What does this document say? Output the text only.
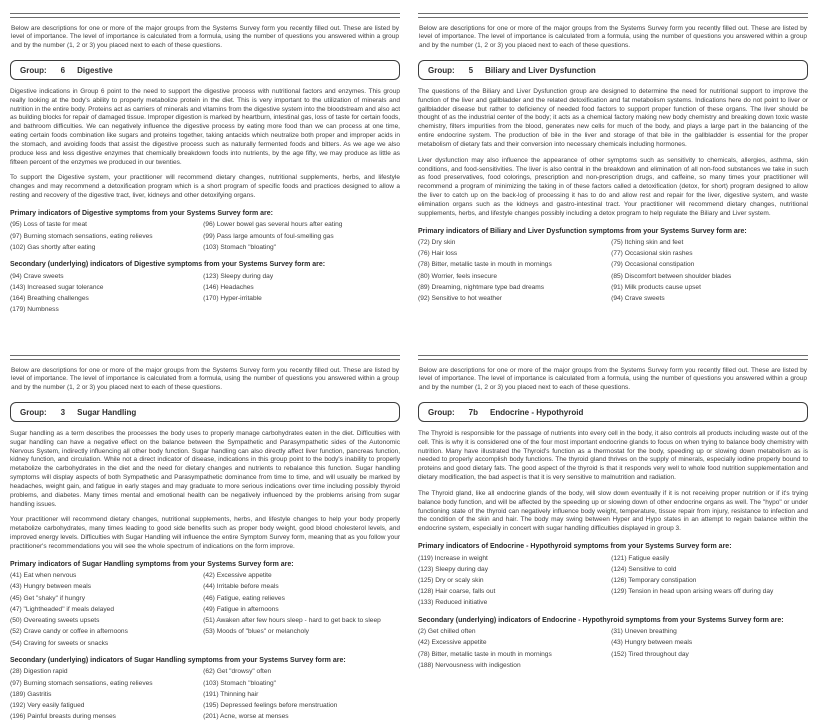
Below are descriptions for one or more of the major groups from the Systems Survey form you recently filled out. These are listed by level of importance. The level of importance is calculated from a formula, using the number of questions you answered within a group and by the number (1, 2 or 3) you placed next to each of these questions.

Group: 6 Digestive

Digestive indications in Group 6 point to the need to support the digestive process with nutritional factors and enzymes. This group really looking at the body's ability to properly metabolize protein in the diet. This is very important to the utilization of minerals and nutrition in the entire body. Proteins act as carriers of minerals and vitamins from the digestive system into the bloodstream and also act as building blocks for repair of damaged tissue. Improper digestion is marked by heartburn, intestinal gas, loss of taste for certain foods, and bathroom difficulties. We can negatively influence the digestive process by eating more food than we can process at one time, eating certain foods combination like sugars and proteins together, taking antacids which neutralize both proper and improper acids in the stomach, and avoiding foods that assist the digestive process such as naturally fermented foods and bitters. As we age we also produce less and less digestive enzymes that chemically breakdown foods into nutrients, by the age fifty, we may produce as little as fifteen percent of the enzymes we produced in our twenties.

To support the Digestive system, your practitioner will recommend dietary changes, nutritional supplements, herbs, and lifestyle changes and may recommend a detoxification program which is a short program of specific foods and practices designed to allow a resting and recovery of the digestive tract, liver, kidneys and other detoxifying organs.

Primary indicators of Digestive symptoms from your Systems Survey form are:
(95) Loss of taste for meat	(96) Lower bowel gas several hours after eating
(97) Burning stomach sensations, eating relieves	(99) Pass large amounts of foul-smelling gas
(102) Gas shortly after eating	(103) Stomach "bloating"
Secondary (underlying) indicators of Digestive symptoms from your Systems Survey form are:
(94) Crave sweets	(123) Sleepy during day
(143) Increased sugar tolerance	(146) Headaches
(164) Breathing challenges	(170) Hyper-irritable
(179) Numbness

Below are descriptions for one or more of the major groups from the Systems Survey form you recently filled out. These are listed by level of importance. The level of importance is calculated from a formula, using the number of questions you answered within a group and by the number (1, 2 or 3) you placed next to each of these questions.

Group: 5 Biliary and Liver Dysfunction

The questions of the Biliary and Liver Dysfunction group are designed to determine the need for nutritional support to improve the function of the liver and gallbladder and the related detoxification and fat metabolism systems. Indications here do not point to liver or gallbladder disease but rather to deficiency of needed food factors to support proper function of these organs. The liver should be thought of as the industrial center of the body; it acts as a chemical factory making new body chemistry and breaking down toxic waste chemistry, filters impurities from the blood, generates new cells for much of the body, and plays a large part in the balancing of the entire endocrine system. The production of bile in the liver and storage of that bile in the gallbladder is essential for the proper metabolism of dietary fats and their conversion into necessary chemicals including hormones.

Liver dysfunction may also influence the appearance of other symptoms such as sensitivity to chemicals, allergies, asthma, skin conditions, and food-sensitivities. The liver is also central in the breakdown and elimination of all non-food substances we take in such as food preservatives, food colorings, prescription and non-prescription drugs, and caffeine, so many times your practitioner will recommend a program of minimizing the taking in of these factors called a detoxification (detox, for short) program designed to allow the liver to catch up on the back-log of processing it has to do and allow rest and repair for the liver, digestive system, and waste elimination organs such as the kidneys and gastro-intestinal tract. Your practitioner will recommend dietary changes, nutritional supplements, herbs, and lifestyle changes possibly including a detox program to help regulate the Biliary and Liver system.

Primary indicators of Biliary and Liver Dysfunction symptoms from your Systems Survey form are:
(72) Dry skin	(75) Itching skin and feet
(76) Hair loss	(77) Occasional skin rashes
(78) Bitter, metallic taste in mouth in mornings	(79) Occasional constipation
(80) Worrier, feels insecure	(85) Discomfort between shoulder blades
(89) Dreaming, nightmare type bad dreams	(91) Milk products cause upset
(92) Sensitive to hot weather	(94) Crave sweets

Below are descriptions for one or more of the major groups from the Systems Survey form you recently filled out. These are listed by level of importance. The level of importance is calculated from a formula, using the number of questions you answered within a group and by the number (1, 2 or 3) you placed next to each of these questions.

Group: 3 Sugar Handling

Sugar handling as a term describes the processes the body uses to properly manage carbohydrates eaten in the diet. Difficulties with sugar handling can have a negative effect on the balance between the Sympathetic and Parasympathetic sides of the Autonomic Nervous System, indirectly influencing all other body function. Sugar handling can also directly affect liver function, pancreas function, kidney function, and circulation. While not a direct indicator of disease, indications in this group point to the body's inability to properly metabolize the carbohydrates in the diet and the need for dietary changes and nutrients to rebalance this function. Sugar handling symptoms will display aspects of both Sympathetic and Parasympathetic dominance from time to time, and will usually be marked by headaches, weight gain, and fatigue in early stages and may graduate to more serious indications over time including possibly thyroid problems, and diabetes. Many times mental and emotional health can be negatively influenced by the problems arising from sugar handling issues.

Your practitioner will recommend dietary changes, nutritional supplements, herbs, and lifestyle changes to help your body properly metabolize carbohydrates, many times leading to good side benefits such as proper body weight, good blood cholesterol levels, and improved energy levels. Difficulties with Sugar Handling will influence the entire Symptom Survey form, meaning that as you follow your practitioner's recommendations you will see the whole spectrum of indications on the form improve.

Primary indicators of Sugar Handling symptoms from your Systems Survey form are:
(41) Eat when nervous	(42) Excessive appetite
(43) Hungry between meals	(44) Irritable before meals
(45) Get "shaky" if hungry	(46) Fatigue, eating relieves
(47) "Lightheaded" if meals delayed	(49) Fatigue in afternoons
(50) Overeating sweets upsets	(51) Awaken after few hours sleep - hard to get back to sleep
(52) Crave candy or coffee in afternoons	(53) Moods of "blues" or melancholy
(54) Craving for sweets or snacks
Secondary (underlying) indicators of Sugar Handling symptoms from your Systems Survey form are:
(28) Digestion rapid	(62) Get "drowsy" often
(97) Burning stomach sensations, eating relieves	(103) Stomach "bloating"
(189) Gastritis	(191) Thinning hair
(192) Very easily fatigued	(195) Depressed feelings before menstruation
(196) Painful breasts during menses	(201) Acne, worse at menses

Below are descriptions for one or more of the major groups from the Systems Survey form you recently filled out. These are listed by level of importance. The level of importance is calculated from a formula, using the number of questions you answered within a group and by the number (1, 2 or 3) you placed next to each of these questions.

Group: 7b Endocrine - Hypothyroid

The Thyroid is responsible for the passage of nutrients into every cell in the body, it also controls all products including waste out of the cell. This is why it is considered one of the four most important endocrine glands to focus on when trying to balance body chemistry with nutrition. Many have illustrated the Thyroid's function as a thermostat for the body, speeding up or slowing down metabolism as is needed to properly accomplish body functions. The thyroid gland thrives on the supply of minerals, especially iodine properly bound to proteins and good dietary fats. The good aspect of the thyroid is that it responds very well to whole food nutrition supplementation and dietary modification, the bad aspect is that it is very sensitive to malnutrition and radiation.

The Thyroid gland, like all endocrine glands of the body, will slow down eventually if it is not receiving proper nutrition or if it's trying balance body function, and will be affected by the speeding up or slowing down of other endocrine organs as well. The "hypo" or under functioning state of the thyroid can negatively influence body weight, temperature, tissue repair from injury, resistance to infection and the condition of the skin and hair. The body may swing between Hyper and Hypo states in an attempt to regain balance within the endocrine system, especially in concert with sugar handling difficulties displayed in group 3.

Primary indicators of Endocrine - Hypothyroid symptoms from your Systems Survey form are:
(119) Increase in weight	(121) Fatigue easily
(123) Sleepy during day	(124) Sensitive to cold
(125) Dry or scaly skin	(126) Temporary constipation
(128) Hair coarse, falls out	(129) Tension in head upon arising wears off during day
(133) Reduced initiative
Secondary (underlying) indicators of Endocrine - Hypothyroid symptoms from your Systems Survey form are:
(2) Get chilled often	(31) Uneven breathing
(42) Excessive appetite	(43) Hungry between meals
(78) Bitter, metallic taste in mouth in mornings	(152) Tired throughout day
(188) Nervousness with indigestion
